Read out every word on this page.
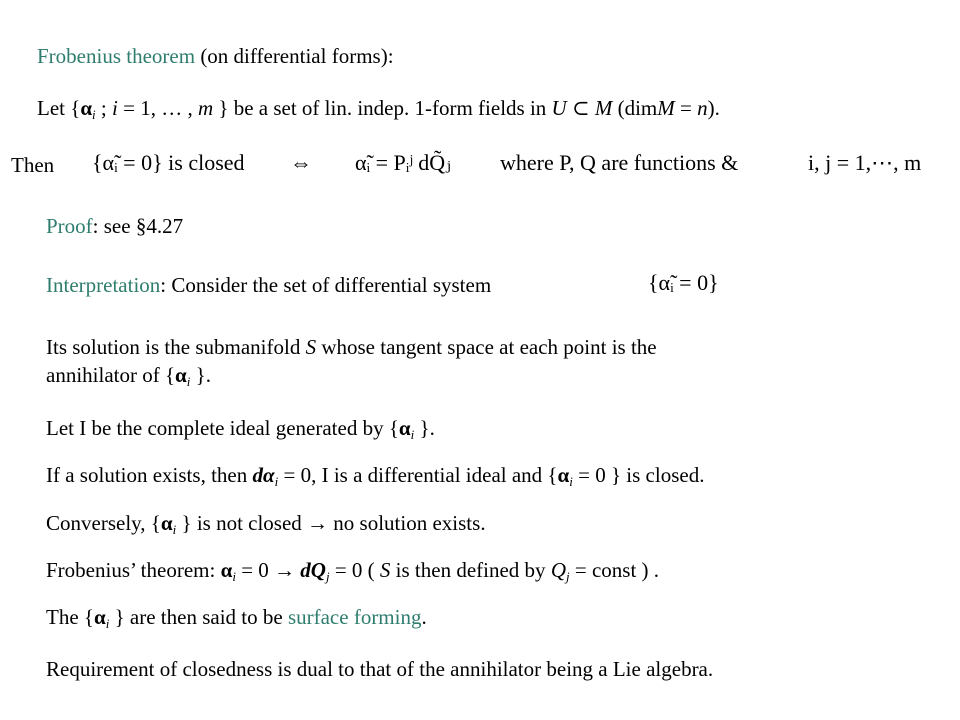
Frobenius theorem (on differential forms):
Let {$\alpha_i$ ; i = 1, … , m } be a set of lin. indep. 1-form fields in U ⊂ M (dimM = n).
Then {α̃ᵢ = 0} is closed ⇔ α̃ᵢ = Pᵢʲ dQ̃ⱼ where P, Q are functions &	i, j = 1,⋯, m
Proof: see §4.27
Interpretation: Consider the set of differential system	{α̃ᵢ = 0}
Its solution is the submanifold S whose tangent space at each point is the
annihilator of {$\alpha_i$ }.
Let I be the complete ideal generated by {$\alpha_i$ }.
If a solution exists, then $d\alpha_i = 0$, I is a differential ideal and {$\alpha_i = 0$ } is closed.
Conversely, {$\alpha_i$ } is not closed → no solution exists.
Frobenius’ theorem: $\alpha_i = 0 \to dQ_j = 0$ ( S is then defined by $Q_j$ = const ) .
The {$\alpha_i$ } are then said to be surface forming.
Requirement of closedness is dual to that of the annihilator being a Lie algebra.
